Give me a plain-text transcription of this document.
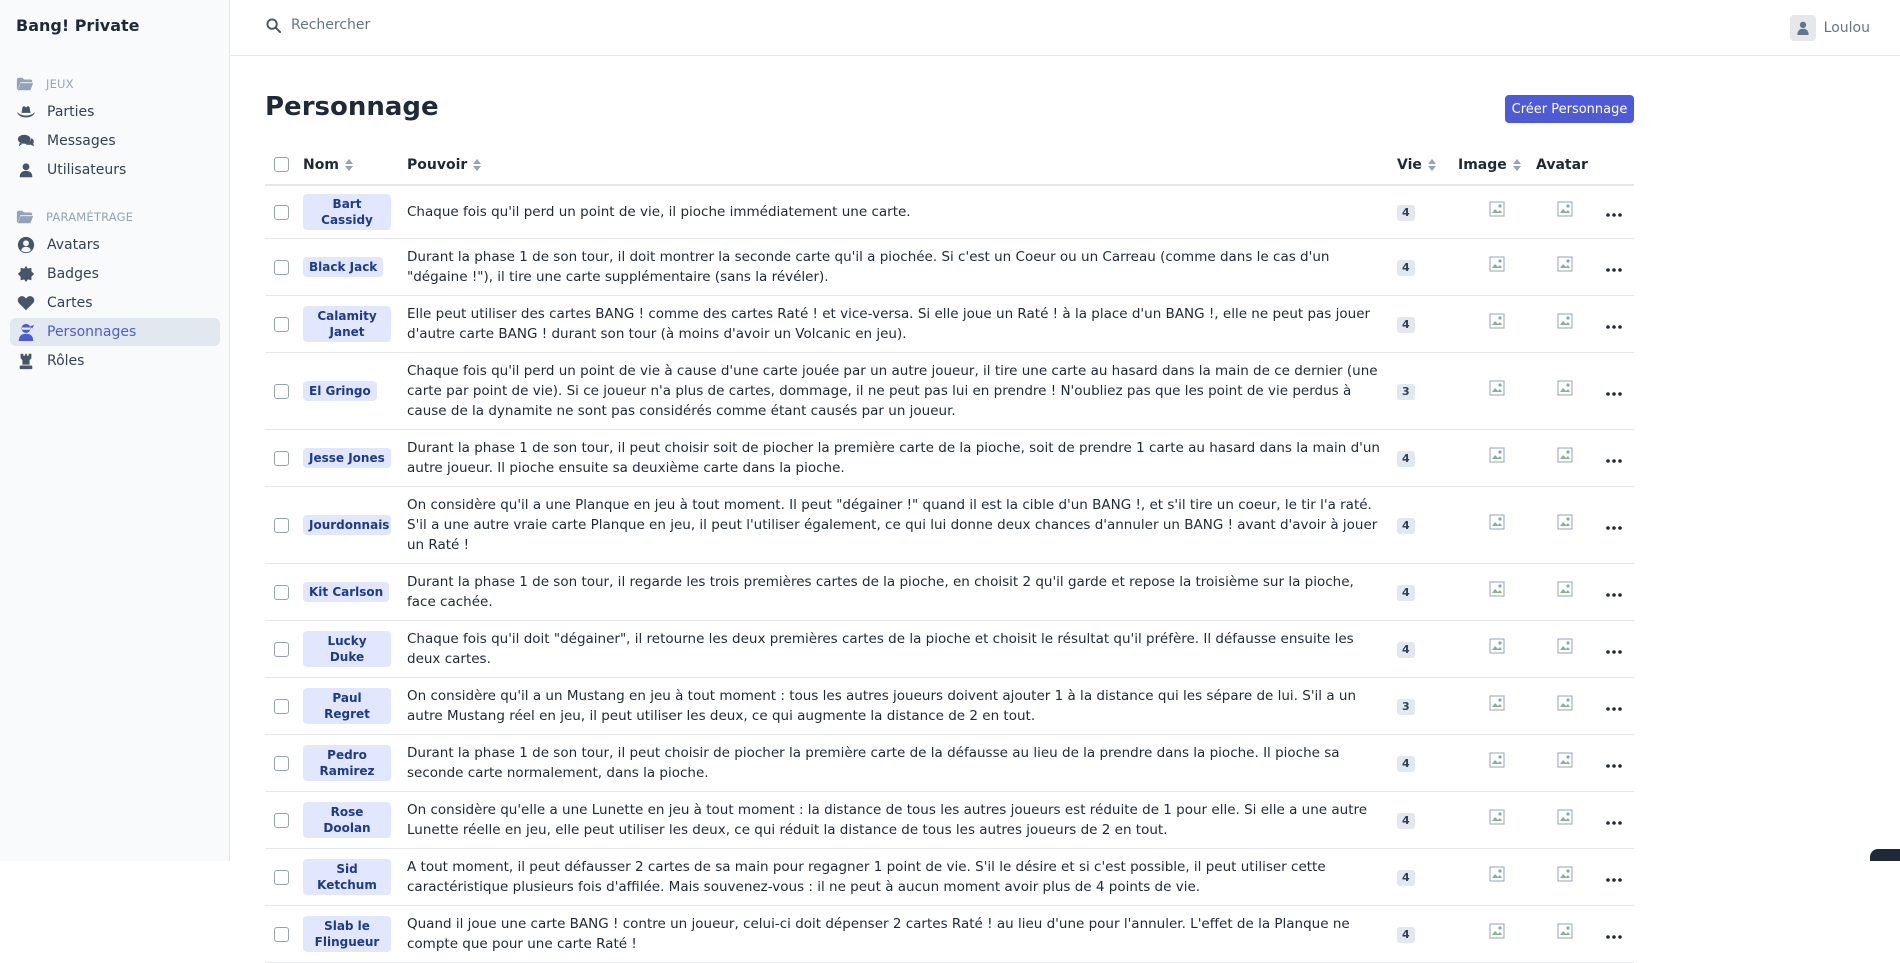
Bang! Private
JEUX
Parties
Messages
Utilisateurs
PARAMÉTRAGE
Avatars
Badges
Cartes
Personnages
Rôles
Rechercher
Loulou
Personnage	Créer Personnage
	Nom	Pouvoir	Vie	Image	Avatar	

	Bart Cassidy	Chaque fois qu'il perd un point de vie, il pioche immédiatement une carte.	4			

	Black Jack	Durant la phase 1 de son tour, il doit montrer la seconde carte qu'il a piochée. Si c'est un Coeur ou un Carreau (comme dans le cas d'un "dégaine !"), il tire une carte supplémentaire (sans la révéler).	4			

	Calamity Janet	Elle peut utiliser des cartes BANG ! comme des cartes Raté ! et vice-versa. Si elle joue un Raté ! à la place d'un BANG !, elle ne peut pas jouer d'autre carte BANG ! durant son tour (à moins d'avoir un Volcanic en jeu).	4			

	El Gringo	Chaque fois qu'il perd un point de vie à cause d'une carte jouée par un autre joueur, il tire une carte au hasard dans la main de ce dernier (une carte par point de vie). Si ce joueur n'a plus de cartes, dommage, il ne peut pas lui en prendre ! N'oubliez pas que les point de vie perdus à cause de la dynamite ne sont pas considérés comme étant causés par un joueur.	3			

	Jesse Jones	Durant la phase 1 de son tour, il peut choisir soit de piocher la première carte de la pioche, soit de prendre 1 carte au hasard dans la main d'un autre joueur. Il pioche ensuite sa deuxième carte dans la pioche.	4			

	Jourdonnais	On considère qu'il a une Planque en jeu à tout moment. Il peut "dégainer !" quand il est la cible d'un BANG !, et s'il tire un coeur, le tir l'a raté. S'il a une autre vraie carte Planque en jeu, il peut l'utiliser également, ce qui lui donne deux chances d'annuler un BANG ! avant d'avoir à jouer un Raté !	4			

	Kit Carlson	Durant la phase 1 de son tour, il regarde les trois premières cartes de la pioche, en choisit 2 qu'il garde et repose la troisième sur la pioche, face cachée.	4			

	Lucky Duke	Chaque fois qu'il doit "dégainer", il retourne les deux premières cartes de la pioche et choisit le résultat qu'il préfère. Il défausse ensuite les deux cartes.	4			

	Paul Regret	On considère qu'il a un Mustang en jeu à tout moment : tous les autres joueurs doivent ajouter 1 à la distance qui les sépare de lui. S'il a un autre Mustang réel en jeu, il peut utiliser les deux, ce qui augmente la distance de 2 en tout.	3			

	Pedro Ramirez	Durant la phase 1 de son tour, il peut choisir de piocher la première carte de la défausse au lieu de la prendre dans la pioche. Il pioche sa seconde carte normalement, dans la pioche.	4			

	Rose Doolan	On considère qu'elle a une Lunette en jeu à tout moment : la distance de tous les autres joueurs est réduite de 1 pour elle. Si elle a une autre Lunette réelle en jeu, elle peut utiliser les deux, ce qui réduit la distance de tous les autres joueurs de 2 en tout.	4			

	Sid Ketchum	A tout moment, il peut défausser 2 cartes de sa main pour regagner 1 point de vie. S'il le désire et si c'est possible, il peut utiliser cette caractéristique plusieurs fois d'affilée. Mais souvenez-vous : il ne peut à aucun moment avoir plus de 4 points de vie.	4			

	Slab le Flingueur	Quand il joue une carte BANG ! contre un joueur, celui-ci doit dépenser 2 cartes Raté ! au lieu d'une pour l'annuler. L'effet de la Planque ne compte que pour une carte Raté !	4			
